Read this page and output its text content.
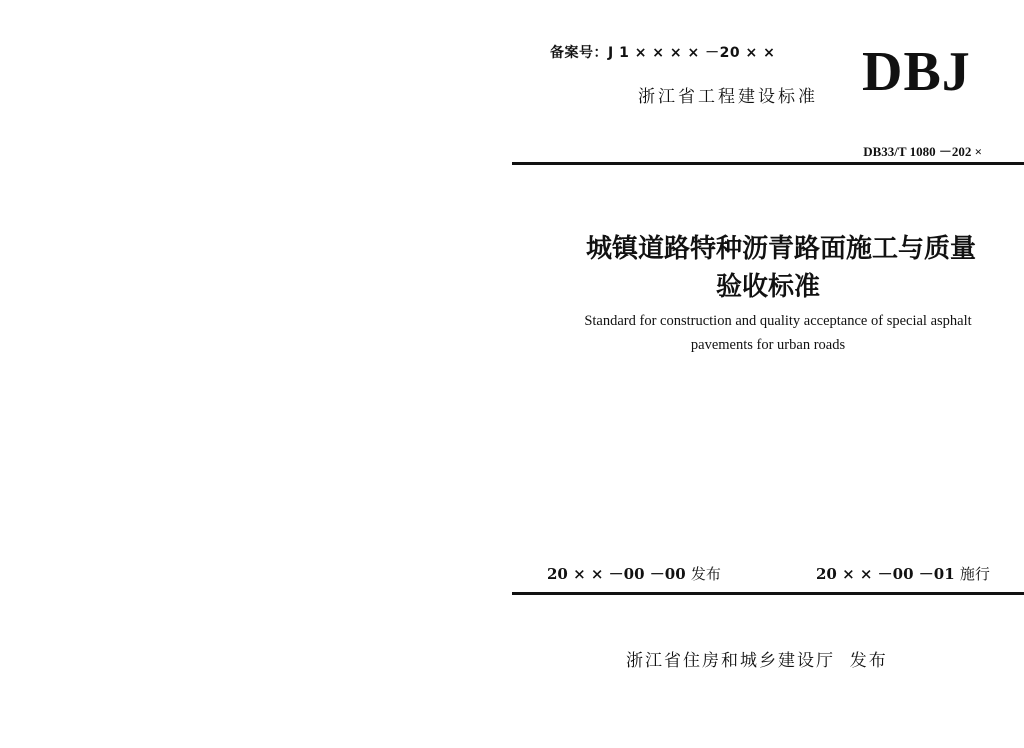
备案号：J 1 × × × × －20 × ×
浙江省工程建设标准 DBJ
DB33/T 1080 －202 ×
城镇道路特种沥青路面施工与质量
验收标准
Standard for construction and quality acceptance of special asphalt
pavements for urban roads
20 × × －00 －00 发布	20 × × －00 －01 施行
浙江省住房和城乡建设厅  发布
